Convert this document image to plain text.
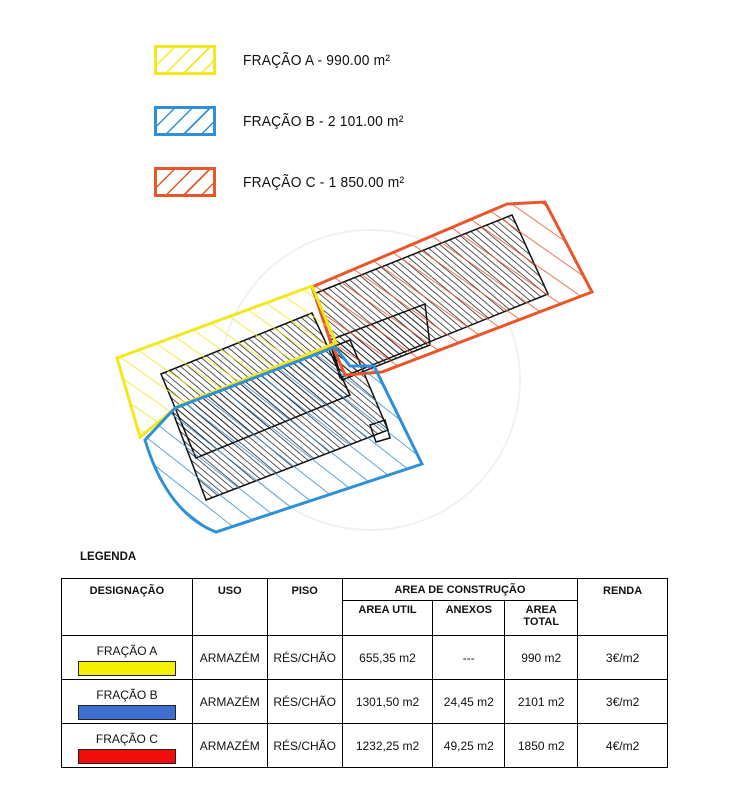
FRAÇÃO A - 990.00 m²
FRAÇÃO B - 2 101.00 m²
FRAÇÃO C - 1 850.00 m²
LEGENDA
DESIGNAÇÃO	USO	PISO	AREA DE CONSTRUÇÃO			RENDA
			AREA UTIL	ANEXOS	AREA TOTAL	

FRAÇÃO A	ARMAZÉM	RÉS/CHÃO	655,35 m2	---	990 m2	3€/m2

FRAÇÃO B	ARMAZÉM	RÉS/CHÃO	1301,50 m2	24,45 m2	2101 m2	3€/m2

FRAÇÃO C	ARMAZÉM	RÉS/CHÃO	1232,25 m2	49,25 m2	1850 m2	4€/m2
